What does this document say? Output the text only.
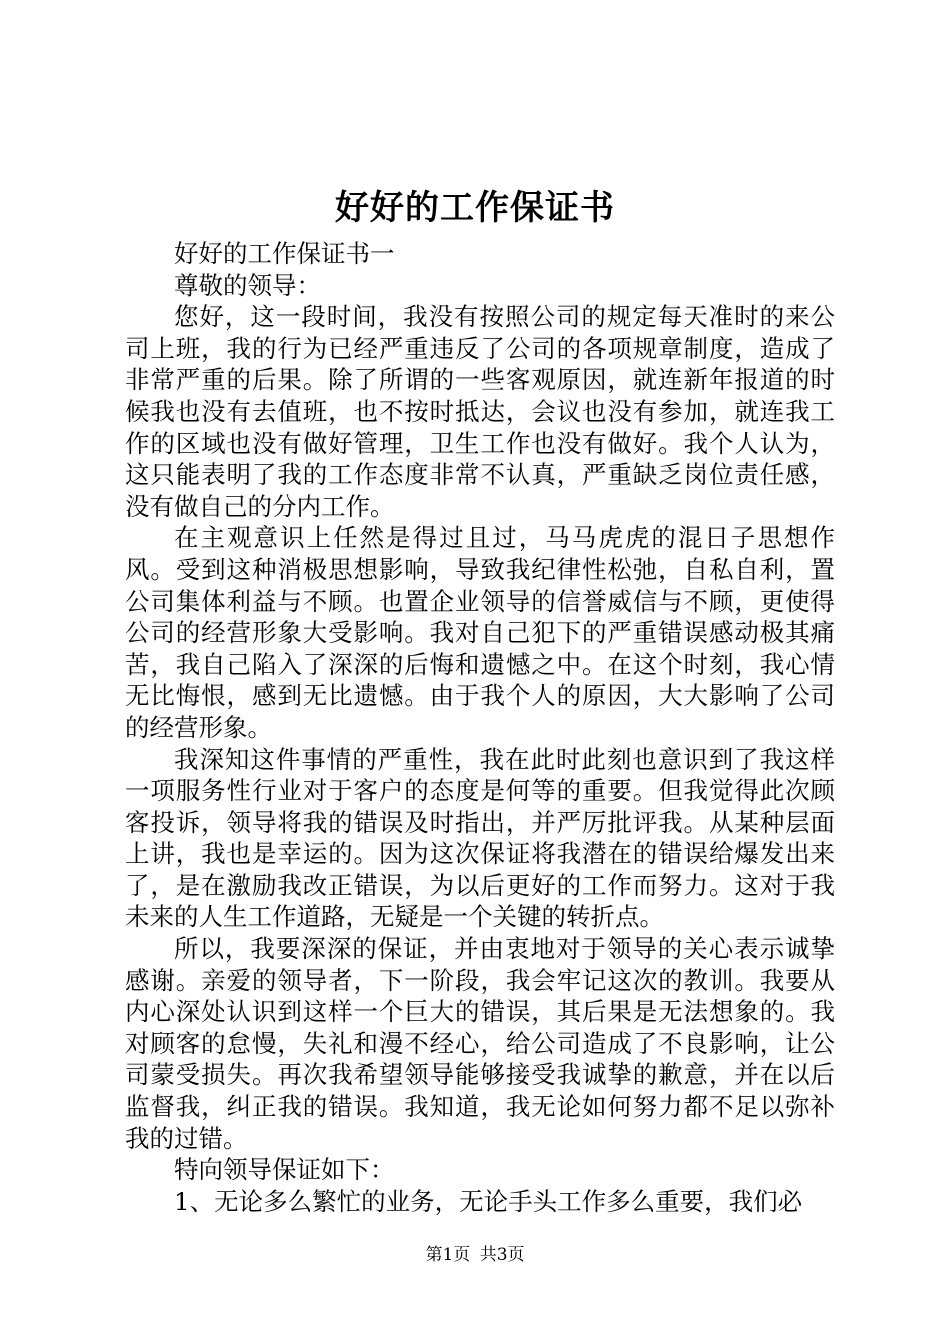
好好的工作保证书

好好的工作保证书一

尊敬的领导：

您好，这一段时间，我没有按照公司的规定每天准时的来公司上班，我的行为已经严重违反了公司的各项规章制度，造成了非常严重的后果。除了所谓的一些客观原因，就连新年报道的时候我也没有去值班，也不按时抵达，会议也没有参加，就连我工作的区域也没有做好管理，卫生工作也没有做好。我个人认为，这只能表明了我的工作态度非常不认真，严重缺乏岗位责任感，没有做自己的分内工作。

在主观意识上任然是得过且过，马马虎虎的混日子思想作风。受到这种消极思想影响，导致我纪律性松弛，自私自利，置公司集体利益与不顾。也置企业领导的信誉威信与不顾，更使得公司的经营形象大受影响。我对自己犯下的严重错误感动极其痛苦，我自己陷入了深深的后悔和遗憾之中。在这个时刻，我心情无比悔恨，感到无比遗憾。由于我个人的原因，大大影响了公司的经营形象。

我深知这件事情的严重性，我在此时此刻也意识到了我这样一项服务性行业对于客户的态度是何等的重要。但我觉得此次顾客投诉，领导将我的错误及时指出，并严厉批评我。从某种层面上讲，我也是幸运的。因为这次保证将我潜在的错误给爆发出来了，是在激励我改正错误，为以后更好的工作而努力。这对于我未来的人生工作道路，无疑是一个关键的转折点。

所以，我要深深的保证，并由衷地对于领导的关心表示诚挚感谢。亲爱的领导者，下一阶段，我会牢记这次的教训。我要从内心深处认识到这样一个巨大的错误，其后果是无法想象的。我对顾客的怠慢，失礼和漫不经心，给公司造成了不良影响，让公司蒙受损失。再次我希望领导能够接受我诚挚的歉意，并在以后监督我，纠正我的错误。我知道，我无论如何努力都不足以弥补我的过错。

特向领导保证如下：

1、无论多么繁忙的业务，无论手头工作多么重要，我们必

第1页 共3页
